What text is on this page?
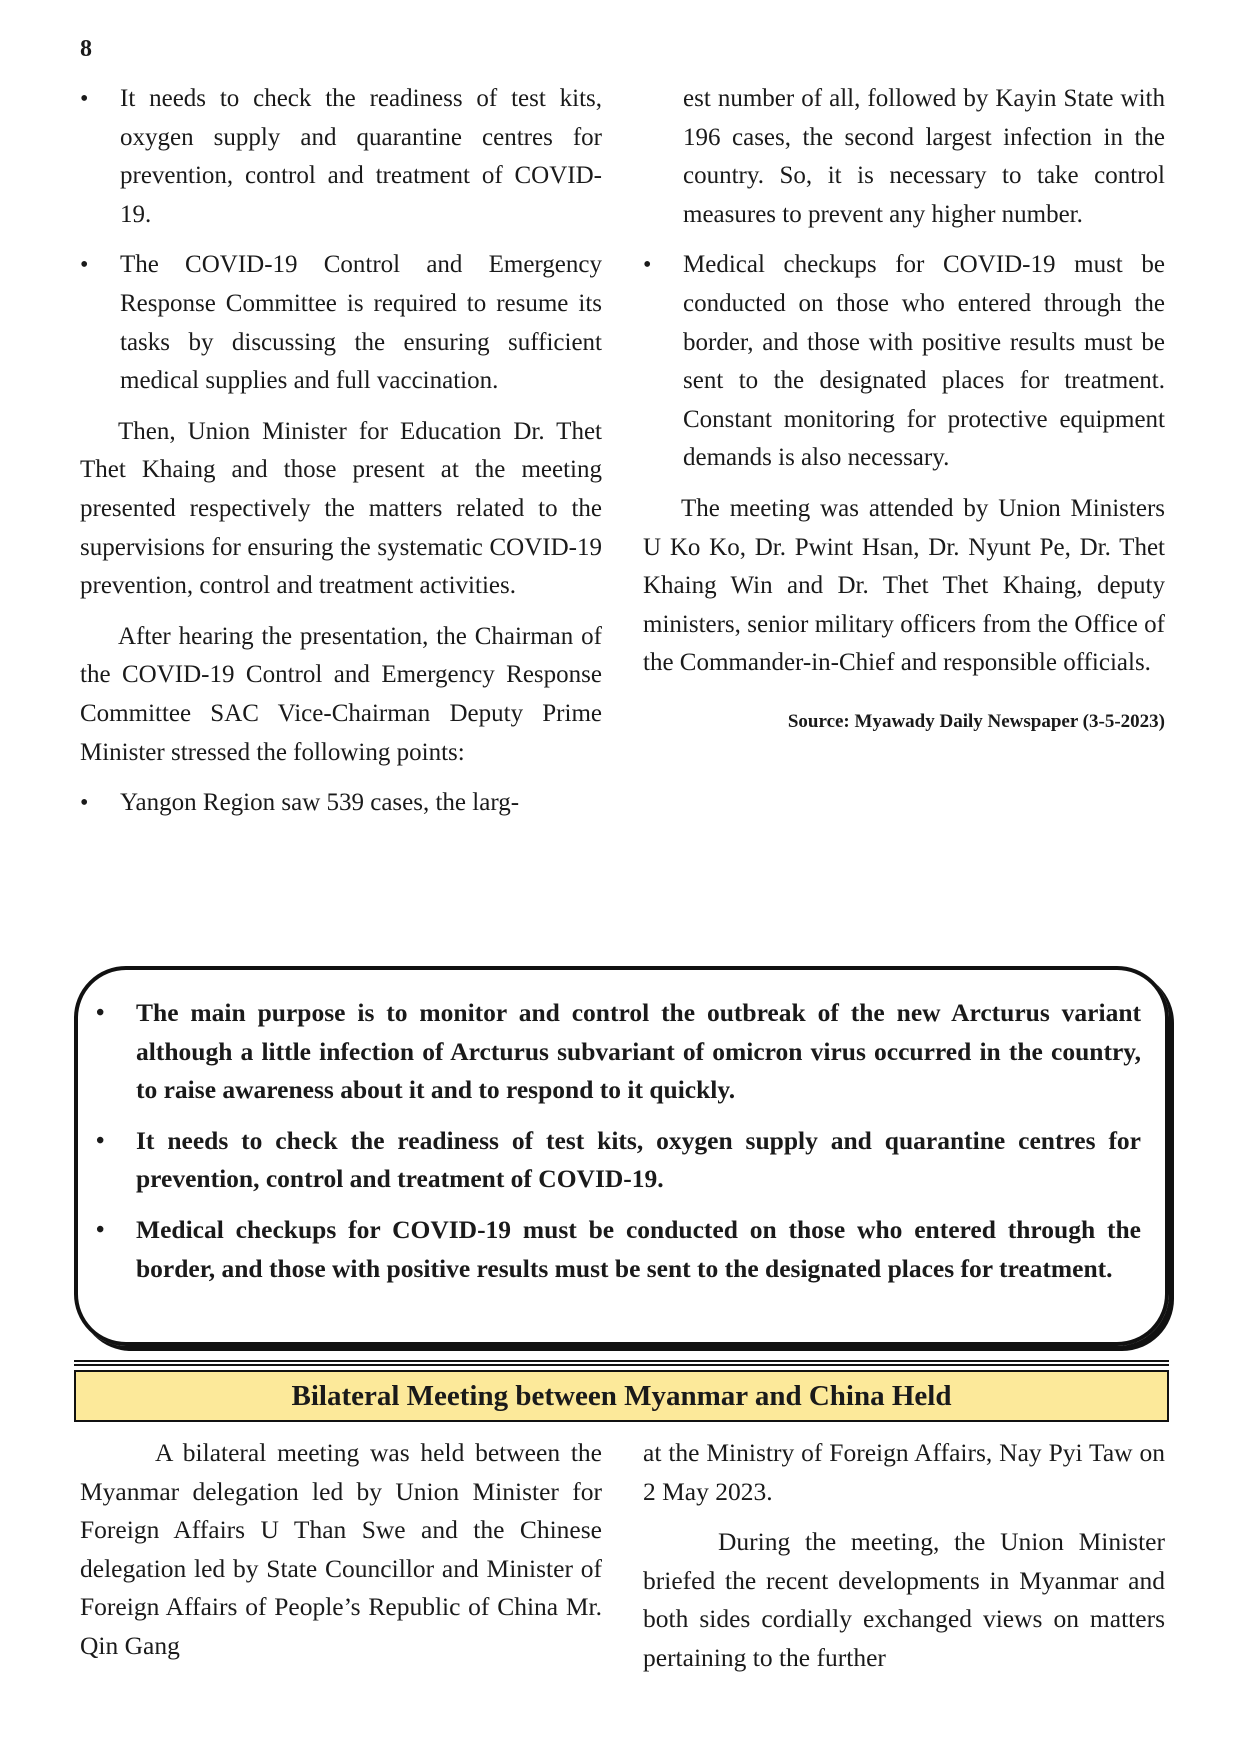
8
• It needs to check the readiness of test kits, oxygen supply and quarantine centres for prevention, control and treatment of COVID-19.
• The COVID-19 Control and Emergency Response Committee is required to resume its tasks by discussing the ensuring sufficient medical supplies and full vaccination.

Then, Union Minister for Education Dr. Thet Thet Khaing and those present at the meeting presented respectively the matters related to the supervisions for ensuring the systematic COVID-19 prevention, control and treatment activities.

After hearing the presentation, the Chairman of the COVID-19 Control and Emergency Response Committee SAC Vice-Chairman Deputy Prime Minister stressed the following points:

• Yangon Region saw 539 cases, the larg-

est number of all, followed by Kayin State with 196 cases, the second largest infection in the country. So, it is necessary to take control measures to prevent any higher number.

• Medical checkups for COVID-19 must be conducted on those who entered through the border, and those with positive results must be sent to the designated places for treatment. Constant monitoring for protective equipment demands is also necessary.

The meeting was attended by Union Ministers U Ko Ko, Dr. Pwint Hsan, Dr. Nyunt Pe, Dr. Thet Khaing Win and Dr. Thet Thet Khaing, deputy ministers, senior military officers from the Office of the Commander-in-Chief and responsible officials.

Source: Myawady Daily Newspaper (3-5-2023)
• The main purpose is to monitor and control the outbreak of the new Arcturus variant although a little infection of Arcturus subvariant of omicron virus occurred in the country, to raise awareness about it and to respond to it quickly.
• It needs to check the readiness of test kits, oxygen supply and quarantine centres for prevention, control and treatment of COVID-19.
• Medical checkups for COVID-19 must be conducted on those who entered through the border, and those with positive results must be sent to the designated places for treatment.
Bilateral Meeting between Myanmar and China Held

A bilateral meeting was held between the Myanmar delegation led by Union Minister for Foreign Affairs U Than Swe and the Chinese delegation led by State Councillor and Minister of Foreign Affairs of People’s Republic of China Mr. Qin Gang

at the Ministry of Foreign Affairs, Nay Pyi Taw on 2 May 2023.

During the meeting, the Union Minister briefed the recent developments in Myanmar and both sides cordially exchanged views on matters pertaining to the further
